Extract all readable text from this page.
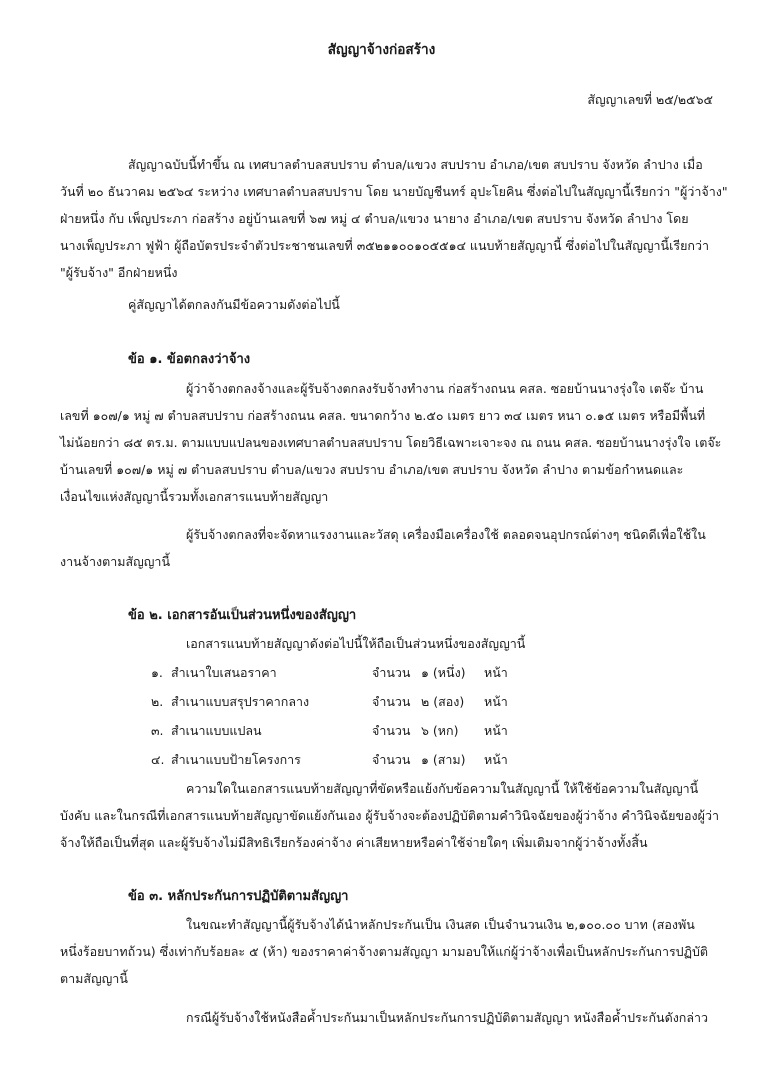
สัญญาจ้างก่อสร้าง
สัญญาเลขที่ ๒๕/๒๕๖๕
สัญญาฉบับนี้ทำขึ้น ณ เทศบาลตำบลสบปราบ ตำบล/แขวง สบปราบ อำเภอ/เขต สบปราบ จังหวัด ลำปาง เมื่อ
วันที่ ๒๐ ธันวาคม ๒๕๖๔ ระหว่าง เทศบาลตำบลสบปราบ โดย นายบัญชีนทร์ อุปะโยคิน ซึ่งต่อไปในสัญญานี้เรียกว่า "ผู้ว่าจ้าง"
ฝ่ายหนึ่ง กับ เพ็ญประภา ก่อสร้าง อยู่บ้านเลขที่ ๖๗ หมู่ ๔ ตำบล/แขวง นายาง อำเภอ/เขต สบปราบ จังหวัด ลำปาง โดย
นางเพ็ญประภา ฟูฟ้า ผู้ถือบัตรประจำตัวประชาชนเลขที่ ๓๕๒๑๑๐๐๑๐๕๕๑๔ แนบท้ายสัญญานี้ ซึ่งต่อไปในสัญญานี้เรียกว่า
"ผู้รับจ้าง" อีกฝ่ายหนึ่ง
คู่สัญญาได้ตกลงกันมีข้อความดังต่อไปนี้
ข้อ ๑. ข้อตกลงว่าจ้าง
ผู้ว่าจ้างตกลงจ้างและผู้รับจ้างตกลงรับจ้างทำงาน ก่อสร้างถนน คสล. ซอยบ้านนางรุ่งใจ เตจ๊ะ บ้าน
เลขที่ ๑๐๗/๑ หมู่ ๗ ตำบลสบปราบ ก่อสร้างถนน คสล. ขนาดกว้าง ๒.๕๐ เมตร ยาว ๓๔ เมตร หนา ๐.๑๕ เมตร หรือมีพื้นที่
ไม่น้อยกว่า ๘๕ ตร.ม. ตามแบบแปลนของเทศบาลตำบลสบปราบ โดยวิธีเฉพาะเจาะจง ณ ถนน คสล. ซอยบ้านนางรุ่งใจ เตจ๊ะ
บ้านเลขที่ ๑๐๗/๑ หมู่ ๗ ตำบลสบปราบ ตำบล/แขวง สบปราบ อำเภอ/เขต สบปราบ จังหวัด ลำปาง ตามข้อกำหนดและ
เงื่อนไขแห่งสัญญานี้รวมทั้งเอกสารแนบท้ายสัญญา
ผู้รับจ้างตกลงที่จะจัดหาแรงงานและวัสดุ เครื่องมือเครื่องใช้ ตลอดจนอุปกรณ์ต่างๆ ชนิดดีเพื่อใช้ใน
งานจ้างตามสัญญานี้
ข้อ ๒. เอกสารอันเป็นส่วนหนึ่งของสัญญา
เอกสารแนบท้ายสัญญาดังต่อไปนี้ให้ถือเป็นส่วนหนึ่งของสัญญานี้
๑. สำเนาใบเสนอราคา	จำนวน ๑ (หนึ่ง) หน้า
๒. สำเนาแบบสรุปราคากลาง	จำนวน ๒ (สอง) หน้า
๓. สำเนาแบบแปลน	จำนวน ๖ (หก) หน้า
๔. สำเนาแบบป้ายโครงการ	จำนวน ๑ (สาม) หน้า
ความใดในเอกสารแนบท้ายสัญญาที่ขัดหรือแย้งกับข้อความในสัญญานี้ ให้ใช้ข้อความในสัญญานี้
บังคับ และในกรณีที่เอกสารแนบท้ายสัญญาขัดแย้งกันเอง ผู้รับจ้างจะต้องปฏิบัติตามคำวินิจฉัยของผู้ว่าจ้าง คำวินิจฉัยของผู้ว่า
จ้างให้ถือเป็นที่สุด และผู้รับจ้างไม่มีสิทธิเรียกร้องค่าจ้าง ค่าเสียหายหรือค่าใช้จ่ายใดๆ เพิ่มเติมจากผู้ว่าจ้างทั้งสิ้น
ข้อ ๓. หลักประกันการปฏิบัติตามสัญญา
ในขณะทำสัญญานี้ผู้รับจ้างได้นำหลักประกันเป็น เงินสด เป็นจำนวนเงิน ๒,๑๐๐.๐๐ บาท (สองพัน
หนึ่งร้อยบาทถ้วน) ซึ่งเท่ากับร้อยละ ๕ (ห้า) ของราคาค่าจ้างตามสัญญา มามอบให้แก่ผู้ว่าจ้างเพื่อเป็นหลักประกันการปฏิบัติ
ตามสัญญานี้
กรณีผู้รับจ้างใช้หนังสือค้ำประกันมาเป็นหลักประกันการปฏิบัติตามสัญญา หนังสือค้ำประกันดังกล่าว
